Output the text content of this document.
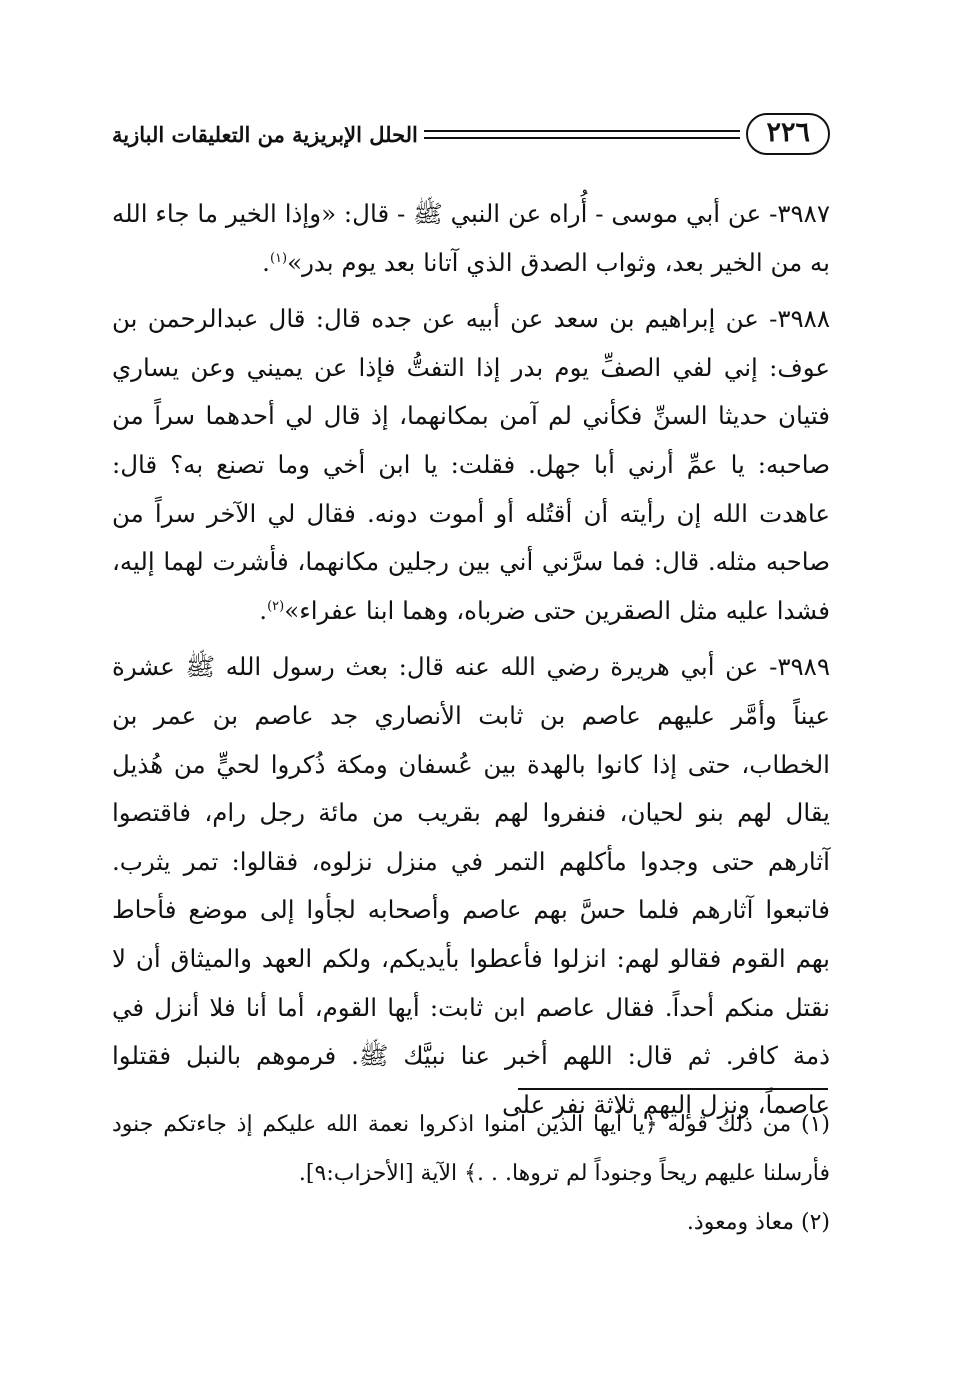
٢٢٦
الحلل الإبريزية من التعليقات البازية

٣٩٨٧- عن أبي موسى - أُراه عن النبي ﷺ - قال: «وإذا الخير ما جاء الله به من الخير بعد، وثواب الصدق الذي آتانا بعد يوم بدر»$^{(١)}$.

٣٩٨٨- عن إبراهيم بن سعد عن أبيه عن جده قال: قال عبدالرحمن بن عوف: إني لفي الصفِّ يوم بدر إذا التفتُّ فإذا عن يميني وعن يساري فتيان حديثا السنِّ فكأني لم آمن بمكانهما، إذ قال لي أحدهما سراً من صاحبه: يا عمِّ أرني أبا جهل. فقلت: يا ابن أخي وما تصنع به؟ قال: عاهدت الله إن رأيته أن أقتُله أو أموت دونه. فقال لي الآخر سراً من صاحبه مثله. قال: فما سرَّني أني بين رجلين مكانهما، فأشرت لهما إليه، فشدا عليه مثل الصقرين حتى ضرباه، وهما ابنا عفراء»$^{(٢)}$.

٣٩٨٩- عن أبي هريرة رضي الله عنه قال: بعث رسول الله ﷺ عشرة عيناً وأمَّر عليهم عاصم بن ثابت الأنصاري جد عاصم بن عمر بن الخطاب، حتى إذا كانوا بالهدة بين عُسفان ومكة ذُكروا لحيٍّ من هُذيل يقال لهم بنو لحيان، فنفروا لهم بقريب من مائة رجل رام، فاقتصوا آثارهم حتى وجدوا مأكلهم التمر في منزل نزلوه، فقالوا: تمر يثرب. فاتبعوا آثارهم فلما حسَّ بهم عاصم وأصحابه لجأوا إلى موضع فأحاط بهم القوم فقالو لهم: انزلوا فأعطوا بأيديكم، ولكم العهد والميثاق أن لا نقتل منكم أحداً. فقال عاصم ابن ثابت: أيها القوم، أما أنا فلا أنزل في ذمة كافر. ثم قال: اللهم أخبر عنا نبيَّك ﷺ. فرموهم بالنبل فقتلوا عاصماً، ونزل إليهم ثلاثة نفر على

(١) من ذلك قوله ﴿يا أيها الذين آمنوا اذكروا نعمة الله عليكم إذ جاءتكم جنود فأرسلنا عليهم ريحاً وجنوداً لم تروها. . .﴾ الآية [الأحزاب:٩].

(٢) معاذ ومعوذ.
